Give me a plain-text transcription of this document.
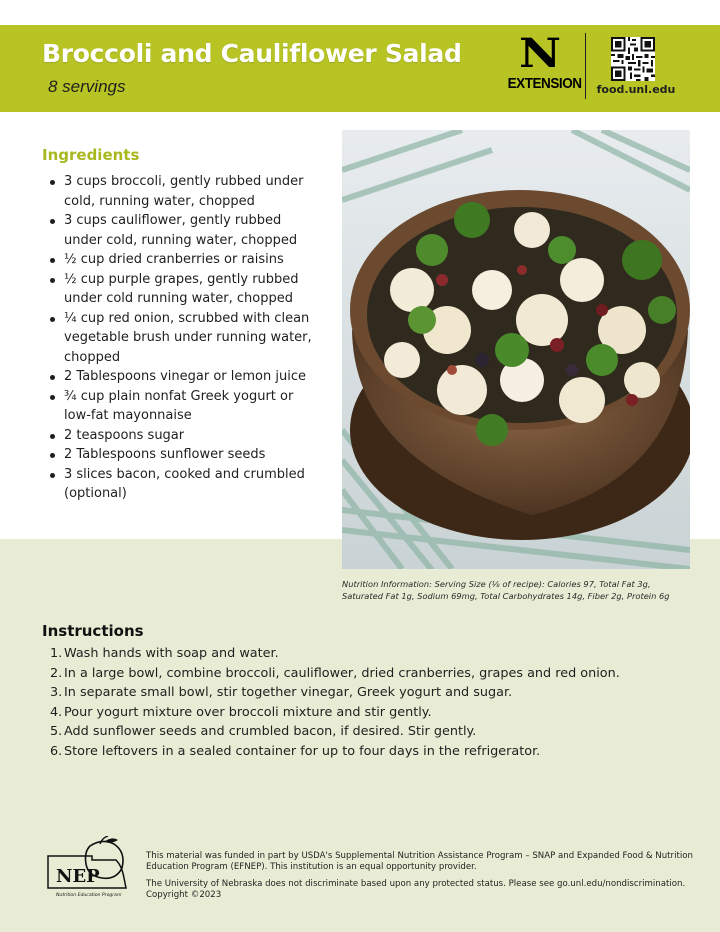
Broccoli and Cauliflower Salad 8 servings
N
EXTENSION food.unl.edu
Ingredients
3 cups broccoli, gently rubbed under cold, running water, chopped
3 cups cauliflower, gently rubbed under cold, running water, chopped
½ cup dried cranberries or raisins
½ cup purple grapes, gently rubbed under cold running water, chopped
¼ cup red onion, scrubbed with clean vegetable brush under running water, chopped
2 Tablespoons vinegar or lemon juice
¾ cup plain nonfat Greek yogurt or low-fat mayonnaise
2 teaspoons sugar
2 Tablespoons sunflower seeds
3 slices bacon, cooked and crumbled (optional)
Nutrition Information: Serving Size (⅛ of recipe): Calories 97, Total Fat 3g, Saturated Fat 1g, Sodium 69mg, Total Carbohydrates 14g, Fiber 2g, Protein 6g
Instructions
1. Wash hands with soap and water.
2. In a large bowl, combine broccoli, cauliflower, dried cranberries, grapes and red onion.
3. In separate small bowl, stir together vinegar, Greek yogurt and sugar.
4. Pour yogurt mixture over broccoli mixture and stir gently.
5. Add sunflower seeds and crumbled bacon, if desired. Stir gently.
6. Store leftovers in a sealed container for up to four days in the refrigerator.
NEP
Nutrition Education Program
This material was funded in part by USDA's Supplemental Nutrition Assistance Program – SNAP and Expanded Food & Nutrition Education Program (EFNEP). This institution is an equal opportunity provider.
The University of Nebraska does not discriminate based upon any protected status. Please see go.unl.edu/nondiscrimination. Copyright ©2023
